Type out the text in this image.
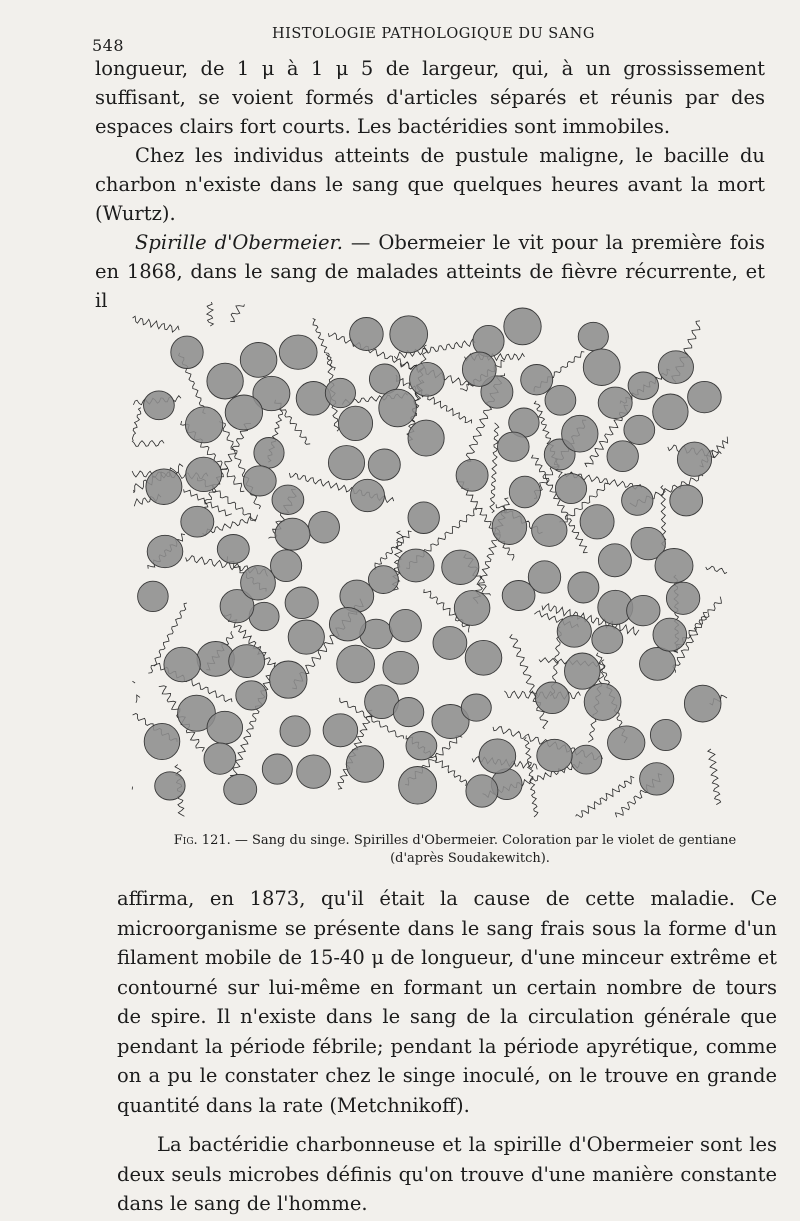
548
HISTOLOGIE PATHOLOGIQUE DU SANG

longueur, de 1 μ à 1 μ 5 de largeur, qui, à un grossissement suffisant, se voient formés d'articles séparés et réunis par des espaces clairs fort courts. Les bactéridies sont immobiles.

Chez les individus atteints de pustule maligne, le bacille du charbon n'existe dans le sang que quelques heures avant la mort (Wurtz).

Spirille d'Obermeier. — Obermeier le vit pour la première fois en 1868, dans le sang de malades atteints de fièvre récurrente, et il

Fig. 121. — Sang du singe. Spirilles d'Obermeier. Coloration par le violet de gentiane
(d'après Soudakewitch).

affirma, en 1873, qu'il était la cause de cette maladie. Ce microorganisme se présente dans le sang frais sous la forme d'un filament mobile de 15-40 μ de longueur, d'une minceur extrême et contourné sur lui-même en formant un certain nombre de tours de spire. Il n'existe dans le sang de la circulation générale que pendant la période fébrile; pendant la période apyrétique, comme on a pu le constater chez le singe inoculé, on le trouve en grande quantité dans la rate (Metchnikoff).

La bactéridie charbonneuse et la spirille d'Obermeier sont les deux seuls microbes définis qu'on trouve d'une manière constante dans le sang de l'homme.
